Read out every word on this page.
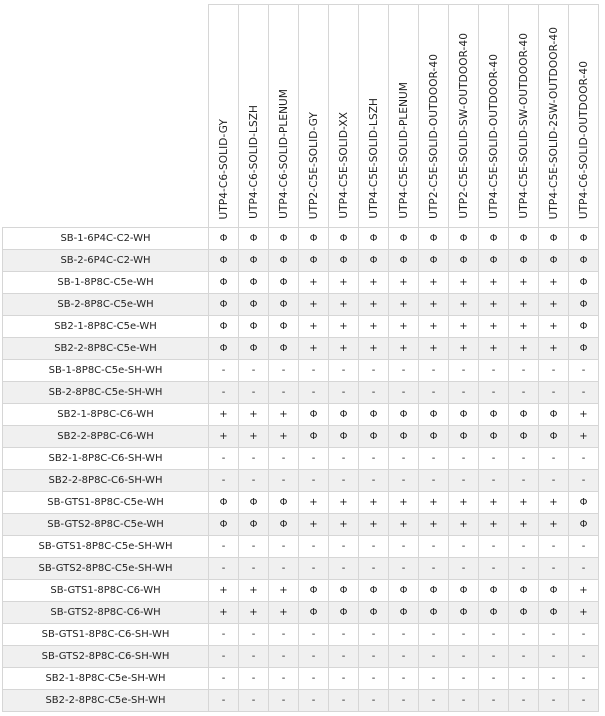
	UTP4-C6-SOLID-GY	UTP4-C6-SOLID-LSZH	UTP4-C6-SOLID-PLENUM	UTP2-C5E-SOLID-GY	UTP4-C5E-SOLID-XX	UTP4-C5E-SOLID-LSZH	UTP4-C5E-SOLID-PLENUM	UTP2-C5E-SOLID-OUTDOOR-40	UTP2-C5E-SOLID-SW-OUTDOOR-40	UTP4-C5E-SOLID-OUTDOOR-40	UTP4-C5E-SOLID-SW-OUTDOOR-40	UTP4-C5E-SOLID-2SW-OUTDOOR-40	UTP4-C6-SOLID-OUTDOOR-40

SB-1-6P4C-C2-WH	Φ	Φ	Φ	Φ	Φ	Φ	Φ	Φ	Φ	Φ	Φ	Φ	Φ
SB-2-6P4C-C2-WH	Φ	Φ	Φ	Φ	Φ	Φ	Φ	Φ	Φ	Φ	Φ	Φ	Φ
SB-1-8P8C-C5e-WH	Φ	Φ	Φ	+	+	+	+	+	+	+	+	+	Φ
SB-2-8P8C-C5e-WH	Φ	Φ	Φ	+	+	+	+	+	+	+	+	+	Φ
SB2-1-8P8C-C5e-WH	Φ	Φ	Φ	+	+	+	+	+	+	+	+	+	Φ
SB2-2-8P8C-C5e-WH	Φ	Φ	Φ	+	+	+	+	+	+	+	+	+	Φ
SB-1-8P8C-C5e-SH-WH	-	-	-	-	-	-	-	-	-	-	-	-	-
SB-2-8P8C-C5e-SH-WH	-	-	-	-	-	-	-	-	-	-	-	-	-
SB2-1-8P8C-C6-WH	+	+	+	Φ	Φ	Φ	Φ	Φ	Φ	Φ	Φ	Φ	+
SB2-2-8P8C-C6-WH	+	+	+	Φ	Φ	Φ	Φ	Φ	Φ	Φ	Φ	Φ	+
SB2-1-8P8C-C6-SH-WH	-	-	-	-	-	-	-	-	-	-	-	-	-
SB2-2-8P8C-C6-SH-WH	-	-	-	-	-	-	-	-	-	-	-	-	-
SB-GTS1-8P8C-C5e-WH	Φ	Φ	Φ	+	+	+	+	+	+	+	+	+	Φ
SB-GTS2-8P8C-C5e-WH	Φ	Φ	Φ	+	+	+	+	+	+	+	+	+	Φ
SB-GTS1-8P8C-C5e-SH-WH	-	-	-	-	-	-	-	-	-	-	-	-	-
SB-GTS2-8P8C-C5e-SH-WH	-	-	-	-	-	-	-	-	-	-	-	-	-
SB-GTS1-8P8C-C6-WH	+	+	+	Φ	Φ	Φ	Φ	Φ	Φ	Φ	Φ	Φ	+
SB-GTS2-8P8C-C6-WH	+	+	+	Φ	Φ	Φ	Φ	Φ	Φ	Φ	Φ	Φ	+
SB-GTS1-8P8C-C6-SH-WH	-	-	-	-	-	-	-	-	-	-	-	-	-
SB-GTS2-8P8C-C6-SH-WH	-	-	-	-	-	-	-	-	-	-	-	-	-
SB2-1-8P8C-C5e-SH-WH	-	-	-	-	-	-	-	-	-	-	-	-	-
SB2-2-8P8C-C5e-SH-WH	-	-	-	-	-	-	-	-	-	-	-	-	-
